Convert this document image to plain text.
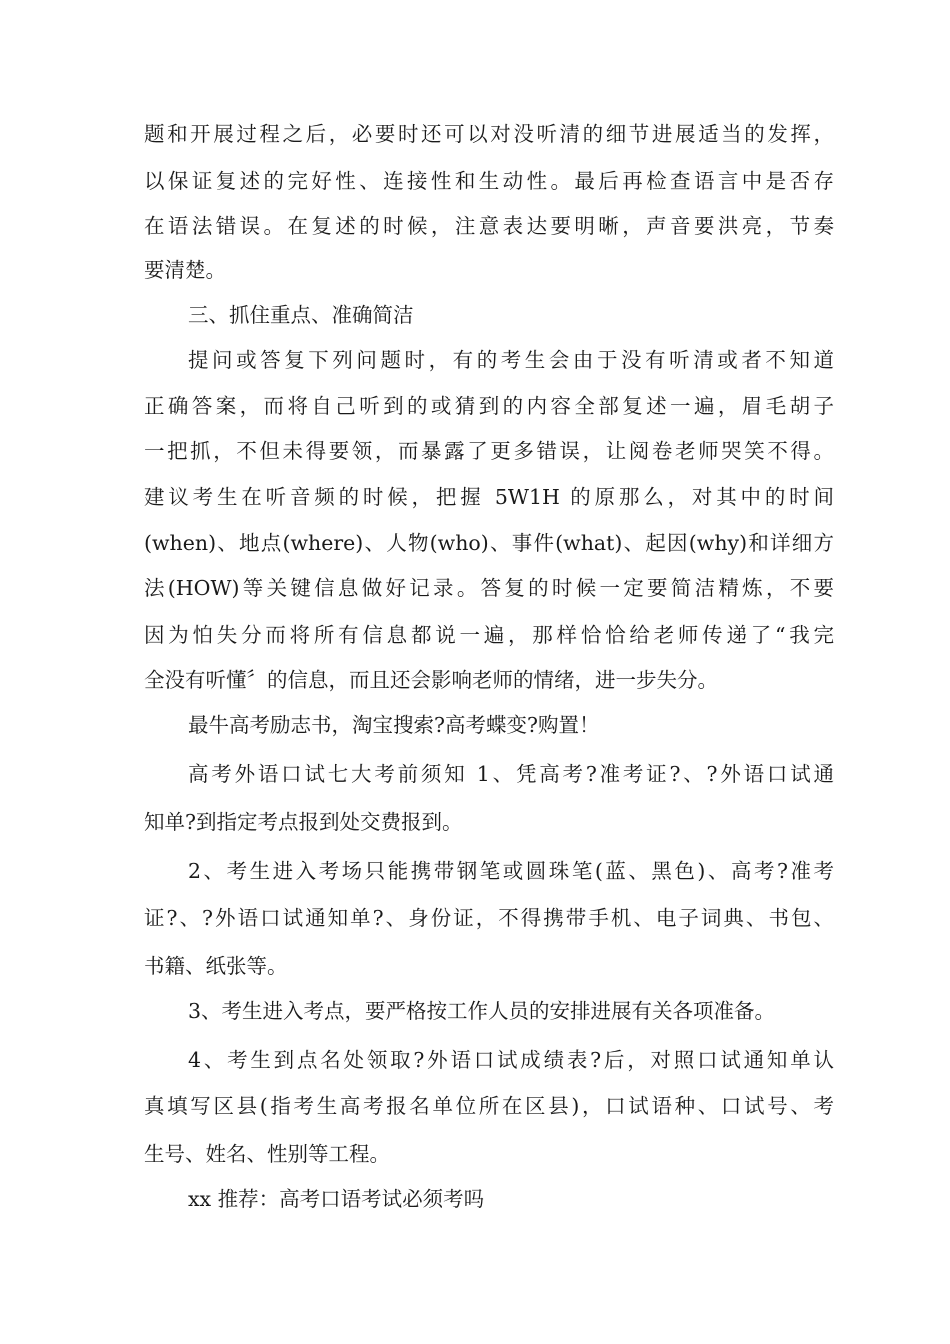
题和开展过程之后，必要时还可以对没听清的细节进展适当的发挥，
以保证复述的完好性、连接性和生动性。最后再检查语言中是否存
在语法错误。在复述的时候，注意表达要明晰，声音要洪亮，节奏
要清楚。
三、抓住重点、准确简洁
提问或答复下列问题时，有的考生会由于没有听清或者不知道
正确答案，而将自己听到的或猜到的内容全部复述一遍，眉毛胡子
一把抓，不但未得要领，而暴露了更多错误，让阅卷老师哭笑不得。
建议考生在听音频的时候，把握 5W1H 的原那么，对其中的时间
(when)、地点(where)、人物(who)、事件(what)、起因(why)和详细方
法(HOW)等关键信息做好记录。答复的时候一定要简洁精炼，不要
因为怕失分而将所有信息都说一遍，那样恰恰给老师传递了“我完
全没有听懂〞的信息，而且还会影响老师的情绪，进一步失分。
最牛高考励志书，淘宝搜索?高考蝶变?购置！
高考外语口试七大考前须知 1、凭高考?准考证?、?外语口试通
知单?到指定考点报到处交费报到。
2、考生进入考场只能携带钢笔或圆珠笔(蓝、黑色)、高考?准考
证?、?外语口试通知单?、身份证，不得携带手机、电子词典、书包、
书籍、纸张等。
3、考生进入考点，要严格按工作人员的安排进展有关各项准备。
4、考生到点名处领取?外语口试成绩表?后，对照口试通知单认
真填写区县(指考生高考报名单位所在区县)，口试语种、口试号、考
生号、姓名、性别等工程。
xx 推荐：高考口语考试必须考吗
